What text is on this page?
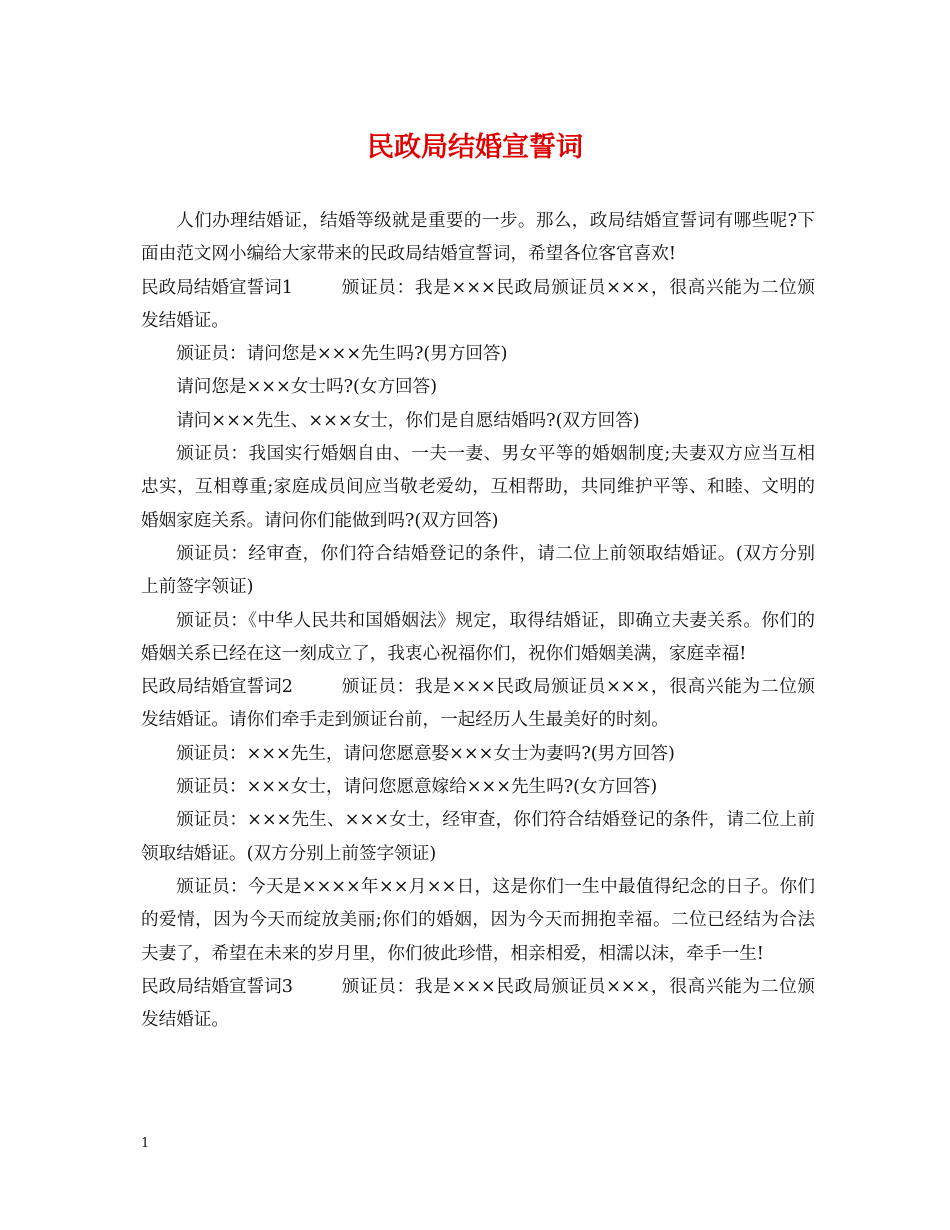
民政局结婚宣誓词

人们办理结婚证，结婚等级就是重要的一步。那么，政局结婚宣誓词有哪些呢?下面由范文网小编给大家带来的民政局结婚宣誓词，希望各位客官喜欢!

民政局结婚宣誓词1	颁证员：我是×××民政局颁证员×××，很高兴能为二位颁发结婚证。

颁证员：请问您是×××先生吗?(男方回答)

请问您是×××女士吗?(女方回答)

请问×××先生、×××女士，你们是自愿结婚吗?(双方回答)

颁证员：我国实行婚姻自由、一夫一妻、男女平等的婚姻制度;夫妻双方应当互相忠实，互相尊重;家庭成员间应当敬老爱幼，互相帮助，共同维护平等、和睦、文明的婚姻家庭关系。请问你们能做到吗?(双方回答)

颁证员：经审查，你们符合结婚登记的条件，请二位上前领取结婚证。(双方分别上前签字领证)

颁证员：《中华人民共和国婚姻法》规定，取得结婚证，即确立夫妻关系。你们的婚姻关系已经在这一刻成立了，我衷心祝福你们，祝你们婚姻美满，家庭幸福!

民政局结婚宣誓词2	颁证员：我是×××民政局颁证员×××，很高兴能为二位颁发结婚证。请你们牵手走到颁证台前，一起经历人生最美好的时刻。

颁证员：×××先生，请问您愿意娶×××女士为妻吗?(男方回答)

颁证员：×××女士，请问您愿意嫁给×××先生吗?(女方回答)

颁证员：×××先生、×××女士，经审查，你们符合结婚登记的条件，请二位上前领取结婚证。(双方分别上前签字领证)

颁证员：今天是××××年××月××日，这是你们一生中最值得纪念的日子。你们的爱情，因为今天而绽放美丽;你们的婚姻，因为今天而拥抱幸福。二位已经结为合法夫妻了，希望在未来的岁月里，你们彼此珍惜，相亲相爱，相濡以沫，牵手一生!

民政局结婚宣誓词3	颁证员：我是×××民政局颁证员×××，很高兴能为二位颁发结婚证。

1
